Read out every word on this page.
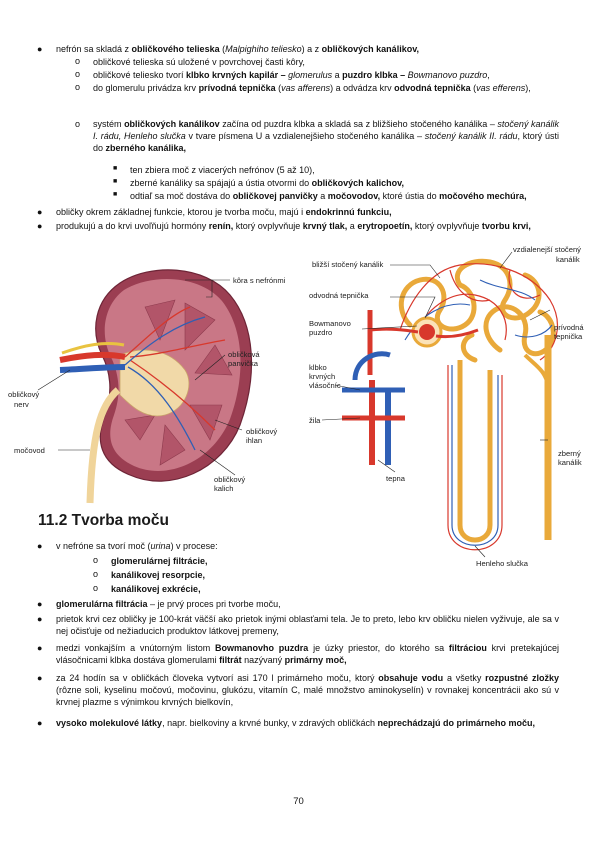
● nefrón sa skladá z obličkového telieska (Malpighiho teliesko) a z obličkových kanálikov,
o obličkové telieska sú uložené v povrchovej časti kôry,
o obličkové teliesko tvorí klbko krvných kapilár – glomerulus a puzdro klbka – Bowmanovo puzdro,
o do glomerulu privádza krv prívodná tepnička (vas afferens) a odvádza krv odvodná tepnička (vas efferens),
o systém obličkových kanálikov začína od puzdra klbka a skladá sa z bližšieho stočeného kanálika – stočený kanálik I. rádu, Henleho slučka v tvare písmena U a vzdialenejšieho stočeného kanálika – stočený kanálik II. rádu, ktorý ústi do zberného kanálika,
■ ten zbiera moč z viacerých nefrónov (5 až 10),
■ zberné kanáliky sa spájajú a ústia otvormi do obličkových kalichov,
■ odtiaľ sa moč dostáva do obličkovej panvičky a močovodov, ktoré ústia do močového mechúra,
● obličky okrem základnej funkcie, ktorou je tvorba moču, majú i endokrinnú funkciu,
● produkujú a do krvi uvoľňujú hormóny renín, ktorý ovplyvňuje krvný tlak, a erytropoetín, ktorý ovplyvňuje tvorbu krvi,
kôra s nefrónmi
obličková
panvička
obličkový
nerv
močovod
obličkový
ihlan
obličkový
kalich
vzdialenejší stočený
kanálik
bližší stočený kanálik
odvodná tepnička
Bowmanovo
puzdro
prívodná
tepnička
klbko
krvných
vlásočníc
žila
tepna
zberný
kanálik
Henleho slučka
11.2 Tvorba moču
● v nefróne sa tvorí moč (urina) v procese:
o glomerulárnej filtrácie,
o kanálikovej resorpcie,
o kanálikovej exkrécie,
● glomerulárna filtrácia – je prvý proces pri tvorbe moču,
● prietok krvi cez obličky je 100-krát väčší ako prietok inými oblasťami tela. Je to preto, lebo krv obličku nielen vyživuje, ale sa v nej očisťuje od nežiaducich produktov látkovej premeny,
● medzi vonkajším a vnútorným listom Bowmanovho puzdra je úzky priestor, do ktorého sa filtráciou krvi pretekajúcej vlásočnicami klbka dostáva glomerulami filtrát nazývaný primárny moč,
● za 24 hodín sa v obličkách človeka vytvorí asi 170 l primárneho moču, ktorý obsahuje vodu a všetky rozpustné zložky (rôzne soli, kyselinu močovú, močovinu, glukózu, vitamín C, malé množstvo aminokyselín) v rovnakej koncentrácii ako sú v krvnej plazme s výnimkou krvných bielkovín,
● vysoko molekulové látky, napr. bielkoviny a krvné bunky, v zdravých obličkách neprechádzajú do primárneho moču,
70
